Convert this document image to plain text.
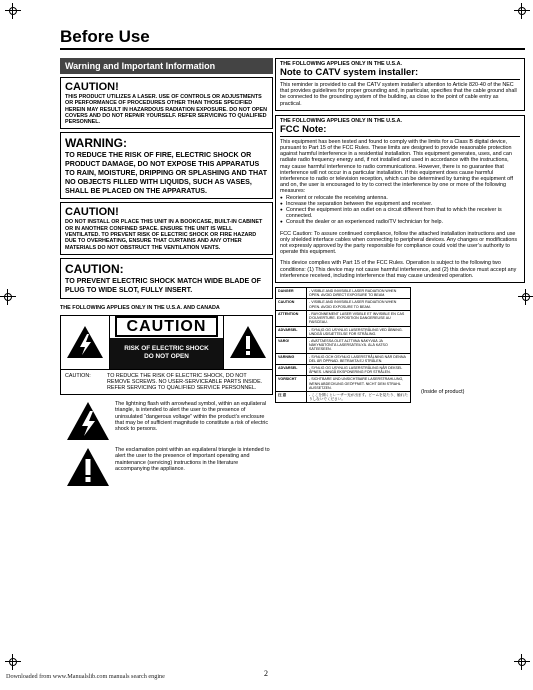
Before Use
Warning and Important Information
CAUTION!

THIS PRODUCT UTILIZES A LASER. USE OF CONTROLS OR ADJUSTMENTS OR PERFORMANCE OF PROCEDURES OTHER THAN THOSE SPECIFIED HEREIN MAY RESULT IN HAZARDOUS RADIATION EXPOSURE. DO NOT OPEN COVERS AND DO NOT REPAIR YOURSELF. REFER SERVICING TO QUALIFIED PERSONNEL.

WARNING:

TO REDUCE THE RISK OF FIRE, ELECTRIC SHOCK OR PRODUCT DAMAGE, DO NOT EXPOSE THIS APPARATUS TO RAIN, MOISTURE, DRIPPING OR SPLASHING AND THAT NO OBJECTS FILLED WITH LIQUIDS, SUCH AS VASES, SHALL BE PLACED ON THE APPARATUS.

CAUTION!

DO NOT INSTALL OR PLACE THIS UNIT IN A BOOKCASE, BUILT-IN CABINET OR IN ANOTHER CONFINED SPACE. ENSURE THE UNIT IS WELL VENTILATED. TO PREVENT RISK OF ELECTRIC SHOCK OR FIRE HAZARD DUE TO OVERHEATING, ENSURE THAT CURTAINS AND ANY OTHER MATERIALS DO NOT OBSTRUCT THE VENTILATION VENTS.

CAUTION:

TO PREVENT ELECTRIC SHOCK MATCH WIDE BLADE OF PLUG TO WIDE SLOT, FULLY INSERT.

THE FOLLOWING APPLIES ONLY IN THE U.S.A. AND CANADA
CAUTION
RISK OF ELECTRIC SHOCK
DO NOT OPEN
CAUTION:	TO REDUCE THE RISK OF ELECTRIC SHOCK, DO NOT REMOVE SCREWS. NO USER-SERVICEABLE PARTS INSIDE. REFER SERVICING TO QUALIFIED SERVICE PERSONNEL.

The lightning flash with arrowhead symbol, within an equilateral triangle, is intended to alert the user to the presence of uninsulated “dangerous voltage” within the product’s enclosure that may be of sufficient magnitude to constitute a risk of electric shock to persons.

The exclamation point within an equilateral triangle is intended to alert the user to the presence of important operating and maintenance (servicing) instructions in the literature accompanying the appliance.

THE FOLLOWING APPLIES ONLY IN THE U.S.A.
Note to CATV system installer:

This reminder is provided to call the CATV system installer’s attention to Article 820-40 of the NEC that provides guidelines for proper grounding and, in particular, specifies that the cable ground shall be connected to the grounding system of the building, as close to the point of cable entry as practical.

THE FOLLOWING APPLIES ONLY IN THE U.S.A.
FCC Note:

This equipment has been tested and found to comply with the limits for a Class B digital device, pursuant to Part 15 of the FCC Rules. These limits are designed to provide reasonable protection against harmful interference in a residential installation. This equipment generates, uses, and can radiate radio frequency energy and, if not installed and used in accordance with the instructions, may cause harmful interference to radio communications. However, there is no guarantee that interference will not occur in a particular installation. If this equipment does cause harmful interference to radio or television reception, which can be determined by turning the equipment off and on, the user is encouraged to try to correct the interference by one or more of the following measures:

● Reorient or relocate the receiving antenna.
● Increase the separation between the equipment and receiver.
● Connect the equipment into an outlet on a circuit different from that to which the receiver is connected.
● Consult the dealer or an experienced radio/TV technician for help.

FCC Caution: To assure continued compliance, follow the attached installation instructions and use only shielded interface cables when connecting to peripheral devices. Any changes or modifications not expressly approved by the party responsible for compliance could void the user’s authority to operate this equipment.

This device complies with Part 15 of the FCC Rules. Operation is subject to the following two conditions: (1) This device may not cause harmful interference, and (2) this device must accept any interference received, including interference that may cause undesired operation.

DANGER	- VISIBLE AND INVISIBLE LASER RADIATION WHEN OPEN. AVOID DIRECT EXPOSURE TO BEAM.
CAUTION	- VISIBLE AND INVISIBLE LASER RADIATION WHEN OPEN. AVOID EXPOSURE TO BEAM.
ATTENTION	- RAYONNEMENT LASER VISIBLE ET INVISIBLE EN CAS D'OUVERTURE. EXPOSITION DANGEREUSE AU FAISCEAU.
ADVARSEL	- SYNLIG OG USYNLIG LASERSTRÅLING VED ÅBNING. UNDGÅ UDSÆTTELSE FOR STRÅLING.
VARO!	- AVATTAESSA OLET ALTTIINA NÄKYVÄÄ JA NÄKYMÄTÖNTÄ LASERSÄTEILYÄ. ÄLÄ KATSO SÄTEESEEN.
VARNING	- SYNLIG OCH OSYNLIG LASERSTRÅLNING NÄR DENNA DEL ÄR ÖPPNAD. BETRAKTA EJ STRÅLEN.
ADVARSEL	- SYNLIG OG USYNLIG LASERSTRÅLING NÅR DEKSEL ÅPNES. UNNGÅ EKSPONERING FOR STRÅLEN.
VORSICHT	- SICHTBARE UND UNSICHTBARE LASERSTRAHLUNG, WENN ABDECKUNG GEÖFFNET. NICHT DEM STRAHL AUSSETZEN.
注 意	- ここを開くとレーザー光が出ます。ビームを見たり、触れたりしないでください。
(Inside of product)
Downloaded from www.Manualslib.com manuals search engine	2
